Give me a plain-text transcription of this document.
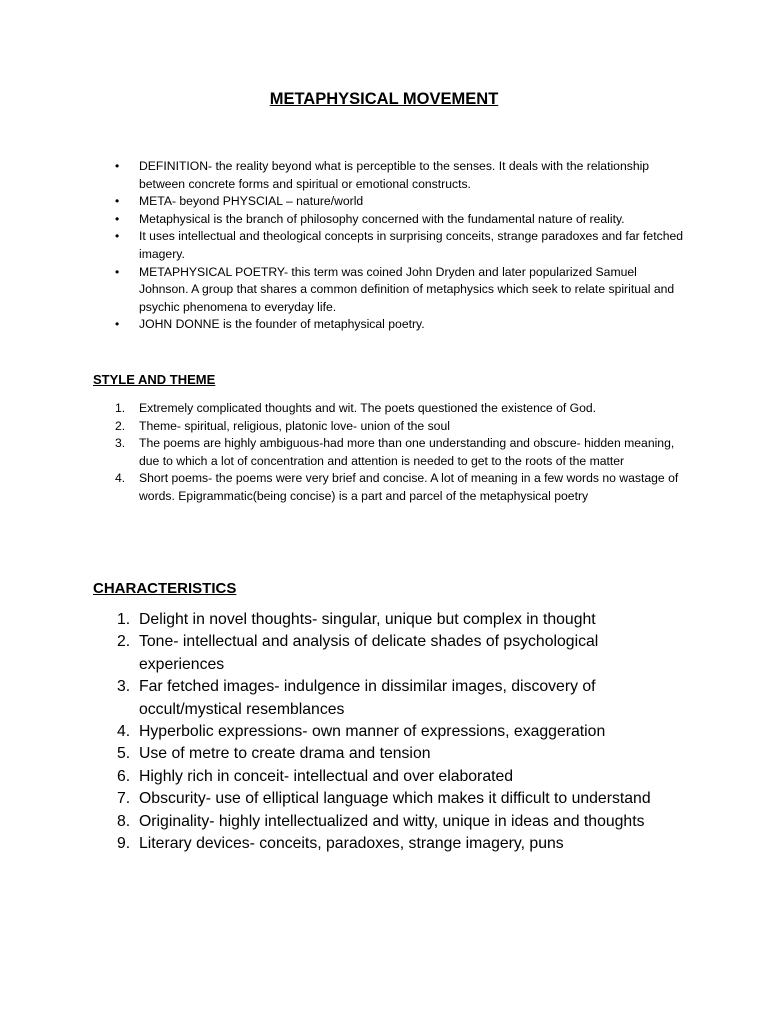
METAPHYSICAL MOVEMENT
• DEFINITION- the reality beyond what is perceptible to the senses. It deals with the relationship between concrete forms and spiritual or emotional constructs.
• META- beyond PHYSCIAL – nature/world
• Metaphysical is the branch of philosophy concerned with the fundamental nature of reality.
• It uses intellectual and theological concepts in surprising conceits, strange paradoxes and far fetched imagery.
• METAPHYSICAL POETRY- this term was coined John Dryden and later popularized Samuel Johnson. A group that shares a common definition of metaphysics which seek to relate spiritual and psychic phenomena to everyday life.
• JOHN DONNE is the founder of metaphysical poetry.
STYLE AND THEME
1. Extremely complicated thoughts and wit. The poets questioned the existence of God.
2. Theme- spiritual, religious, platonic love- union of the soul
3. The poems are highly ambiguous-had more than one understanding and obscure- hidden meaning, due to which a lot of concentration and attention is needed to get to the roots of the matter
4. Short poems- the poems were very brief and concise. A lot of meaning in a few words no wastage of words. Epigrammatic(being concise) is a part and parcel of the metaphysical poetry
CHARACTERISTICS
1. Delight in novel thoughts- singular, unique but complex in thought
2. Tone- intellectual and analysis of delicate shades of psychological experiences
3. Far fetched images- indulgence in dissimilar images, discovery of occult/mystical resemblances
4. Hyperbolic expressions- own manner of expressions, exaggeration
5. Use of metre to create drama and tension
6. Highly rich in conceit- intellectual and over elaborated
7. Obscurity- use of elliptical language which makes it difficult to understand
8. Originality- highly intellectualized and witty, unique in ideas and thoughts
9. Literary devices- conceits, paradoxes, strange imagery, puns
